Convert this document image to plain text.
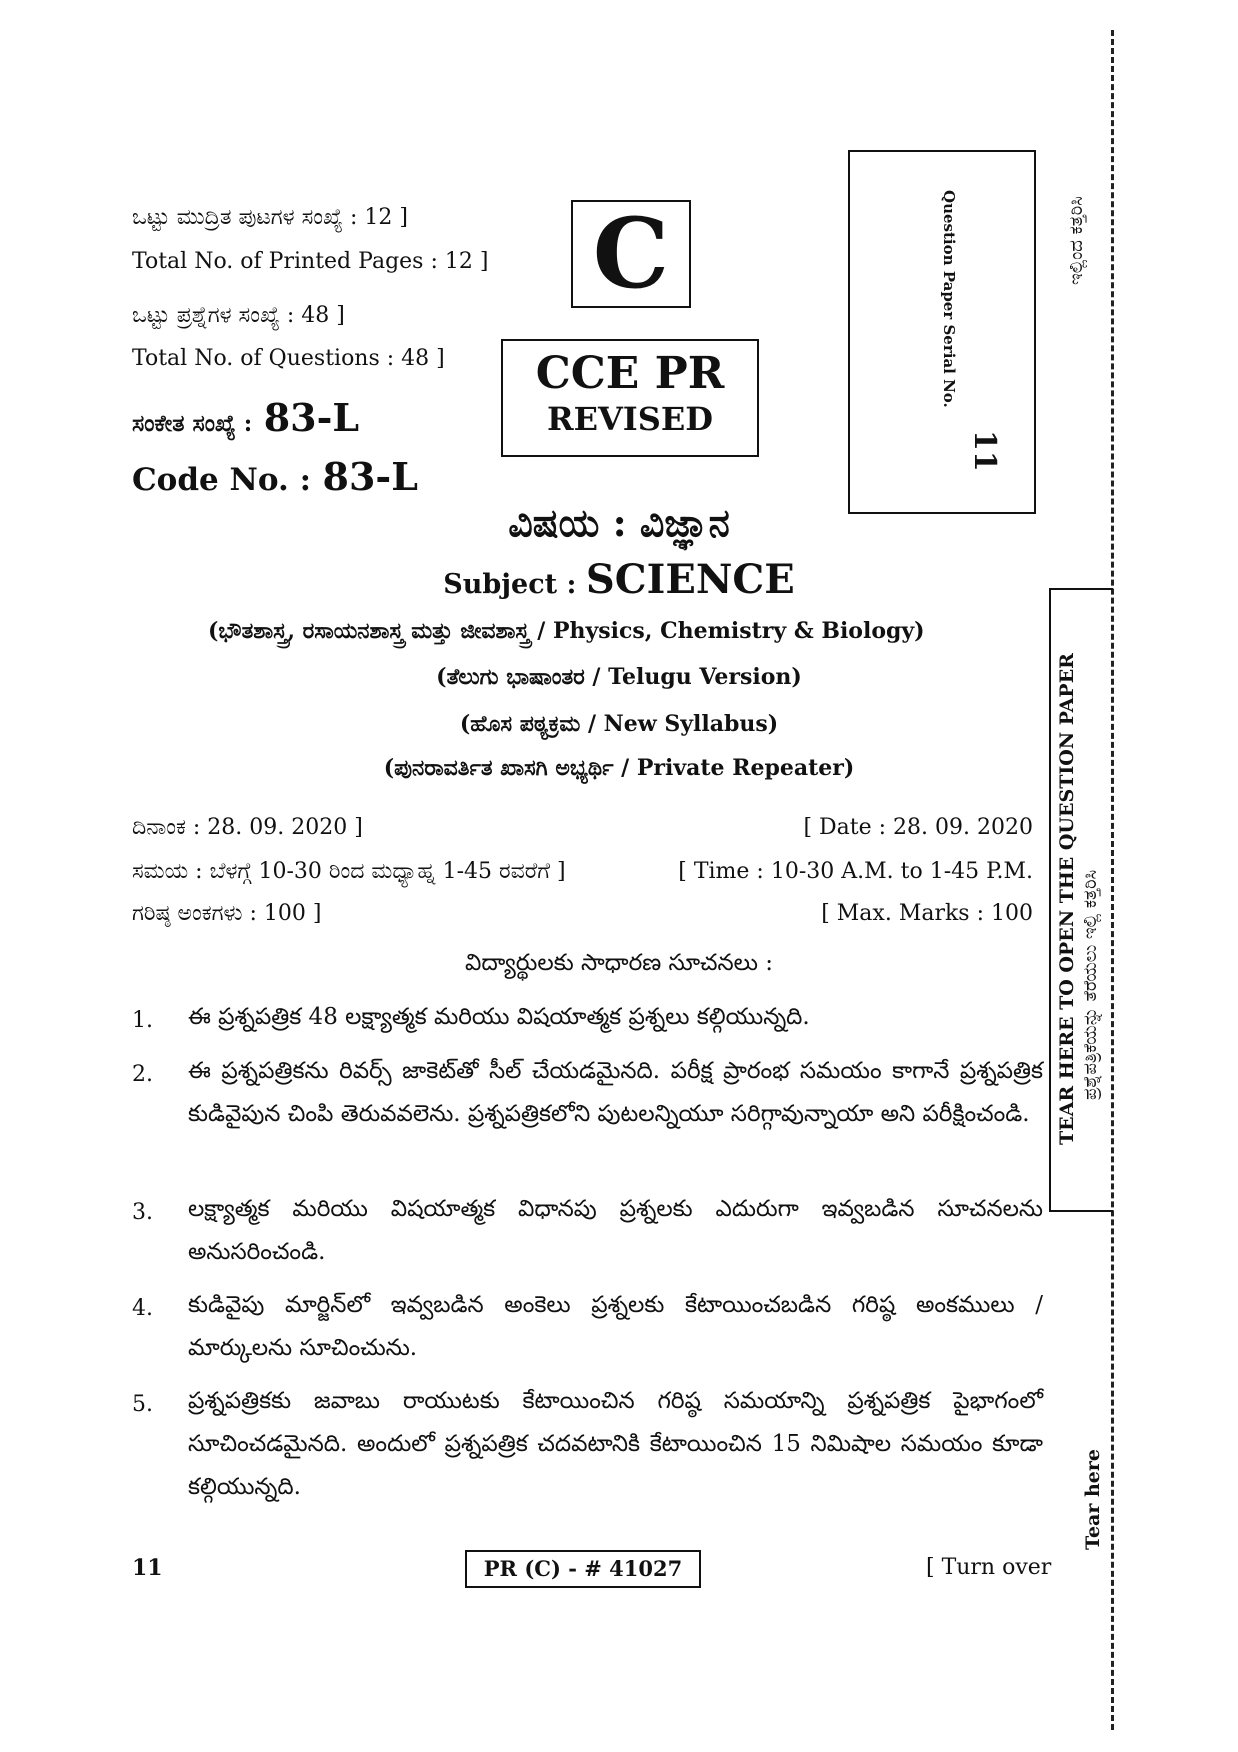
ಒಟ್ಟು ಮುದ್ರಿತ ಪುಟಗಳ ಸಂಖ್ಯೆ : 12 ]
Total No. of Printed Pages : 12 ]
ಒಟ್ಟು ಪ್ರಶ್ನೆಗಳ ಸಂಖ್ಯೆ : 48 ]
Total No. of Questions : 48 ]
ಸಂಕೇತ ಸಂಖ್ಯೆ : 83-L
Code No. : 83-L
C
CCE PR
REVISED
Question Paper Serial No.
11
ವಿಷಯ : ವಿಜ್ಞಾನ
Subject : SCIENCE
(ಭೌತಶಾಸ್ತ್ರ, ರಸಾಯನಶಾಸ್ತ್ರ ಮತ್ತು ಜೀವಶಾಸ್ತ್ರ / Physics, Chemistry & Biology)
(ತೆಲುಗು ಭಾಷಾಂತರ / Telugu Version)
(ಹೊಸ ಪಠ್ಯಕ್ರಮ / New Syllabus)
(ಪುನರಾವರ್ತಿತ ಖಾಸಗಿ ಅಭ್ಯರ್ಥಿ / Private Repeater)
ದಿನಾಂಕ : 28. 09. 2020 ]	[ Date : 28. 09. 2020
ಸಮಯ : ಬೆಳಗ್ಗೆ 10-30 ರಿಂದ ಮಧ್ಯಾಹ್ನ 1-45 ರವರೆಗೆ ]	[ Time : 10-30 A.M. to 1-45 P.M.
ಗರಿಷ್ಠ ಅಂಕಗಳು : 100 ]	[ Max. Marks : 100
విద్యార్థులకు సాధారణ సూచనలు :
1. ఈ ప్రశ్నపత్రిక 48 లక్ష్యాత్మక మరియు విషయాత్మక ప్రశ్నలు కల్గియున్నది.
2. ఈ ప్రశ్నపత్రికను రివర్స్ జాకెట్‌తో సీల్ చేయడమైనది. పరీక్ష ప్రారంభ సమయం కాగానే ప్రశ్నపత్రిక కుడివైపున చింపి తెరువవలెను. ప్రశ్నపత్రికలోని పుటలన్నియూ సరిగ్గావున్నాయా అని పరీక్షించండి.
3. లక్ష్యాత్మక మరియు విషయాత్మక విధానపు ప్రశ్నలకు ఎదురుగా ఇవ్వబడిన సూచనలను అనుసరించండి.
4. కుడివైపు మార్జిన్‌లో ఇవ్వబడిన అంకెలు ప్రశ్నలకు కేటాయించబడిన గరిష్ఠ అంకములు / మార్కులను సూచించును.
5. ప్రశ్నపత్రికకు జవాబు రాయుటకు కేటాయించిన గరిష్ఠ సమయాన్ని ప్రశ్నపత్రిక పైభాగంలో సూచించడమైనది. అందులో ప్రశ్నపత్రిక చదవటానికి కేటాయించిన 15 నిమిషాల సమయం కూడా కల్గియున్నది.
11	PR (C) - # 41027	[ Turn over
ಇಲ್ಲಿಂದ ಕತ್ತರಿಸಿ
TEAR HERE TO OPEN THE QUESTION PAPER ಪ್ರಶ್ನೆಪತ್ರಿಕೆಯನ್ನು ತೆರೆಯಲು ಇಲ್ಲಿ ಕತ್ತರಿಸಿ
Tear here
